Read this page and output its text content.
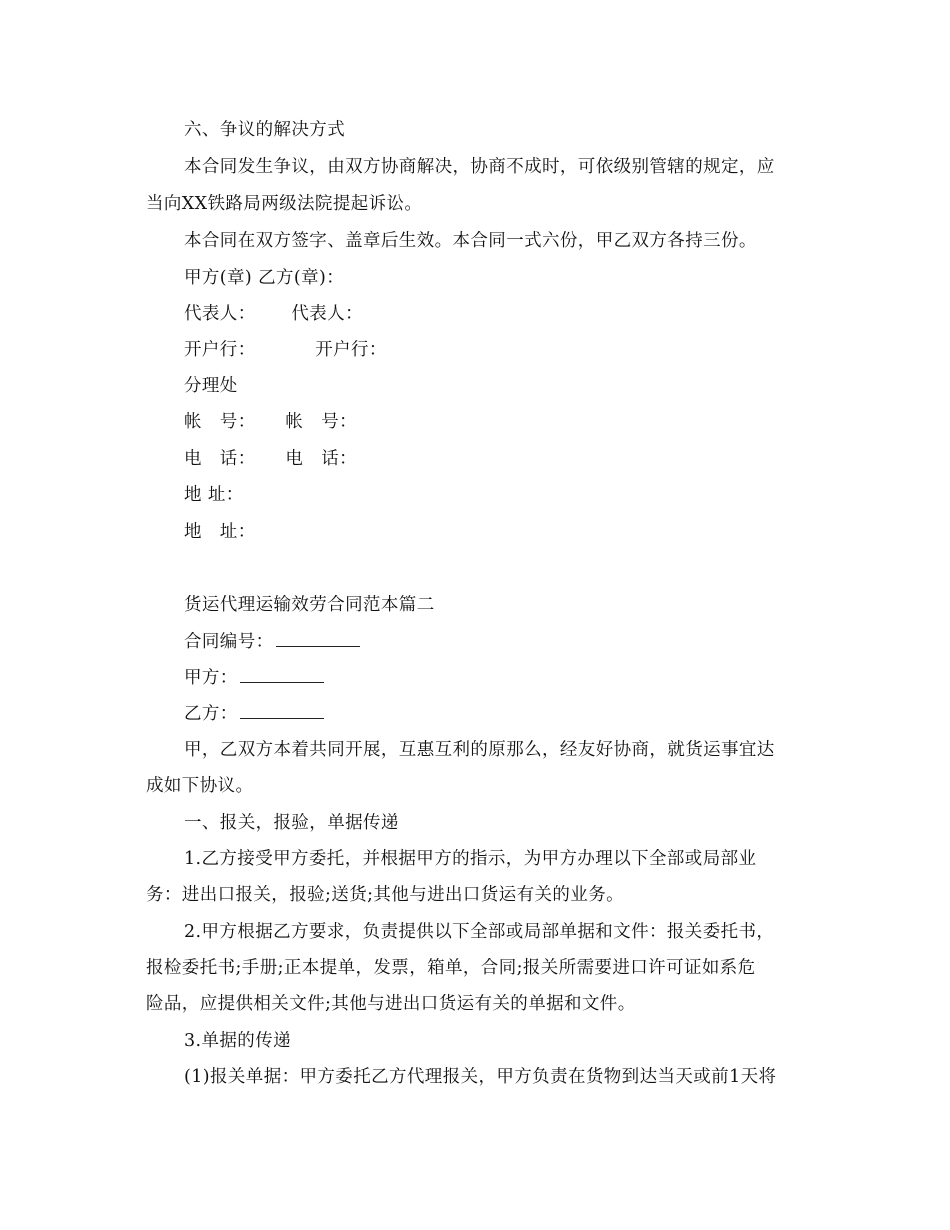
六、争议的解决方式
本合同发生争议，由双方协商解决，协商不成时，可依级别管辖的规定，应
当向XX铁路局两级法院提起诉讼。
本合同在双方签字、盖章后生效。本合同一式六份，甲乙双方各持三份。
甲方(章) 乙方(章)：
代表人：      代表人：
开户行：          开户行：
分理处
帐   号：     帐   号：
电   话：     电   话：
地 址：
地   址：
货运代理运输效劳合同范本篇二
合同编号：
甲方：
乙方：
甲，乙双方本着共同开展，互惠互利的原那么，经友好协商，就货运事宜达
成如下协议。
一、报关，报验，单据传递
1.乙方接受甲方委托，并根据甲方的指示，为甲方办理以下全部或局部业
务：进出口报关，报验;送货;其他与进出口货运有关的业务。
2.甲方根据乙方要求，负责提供以下全部或局部单据和文件：报关委托书，
报检委托书;手册;正本提单，发票，箱单，合同;报关所需要进口许可证如系危
险品，应提供相关文件;其他与进出口货运有关的单据和文件。
3.单据的传递
(1)报关单据：甲方委托乙方代理报关，甲方负责在货物到达当天或前1天将
